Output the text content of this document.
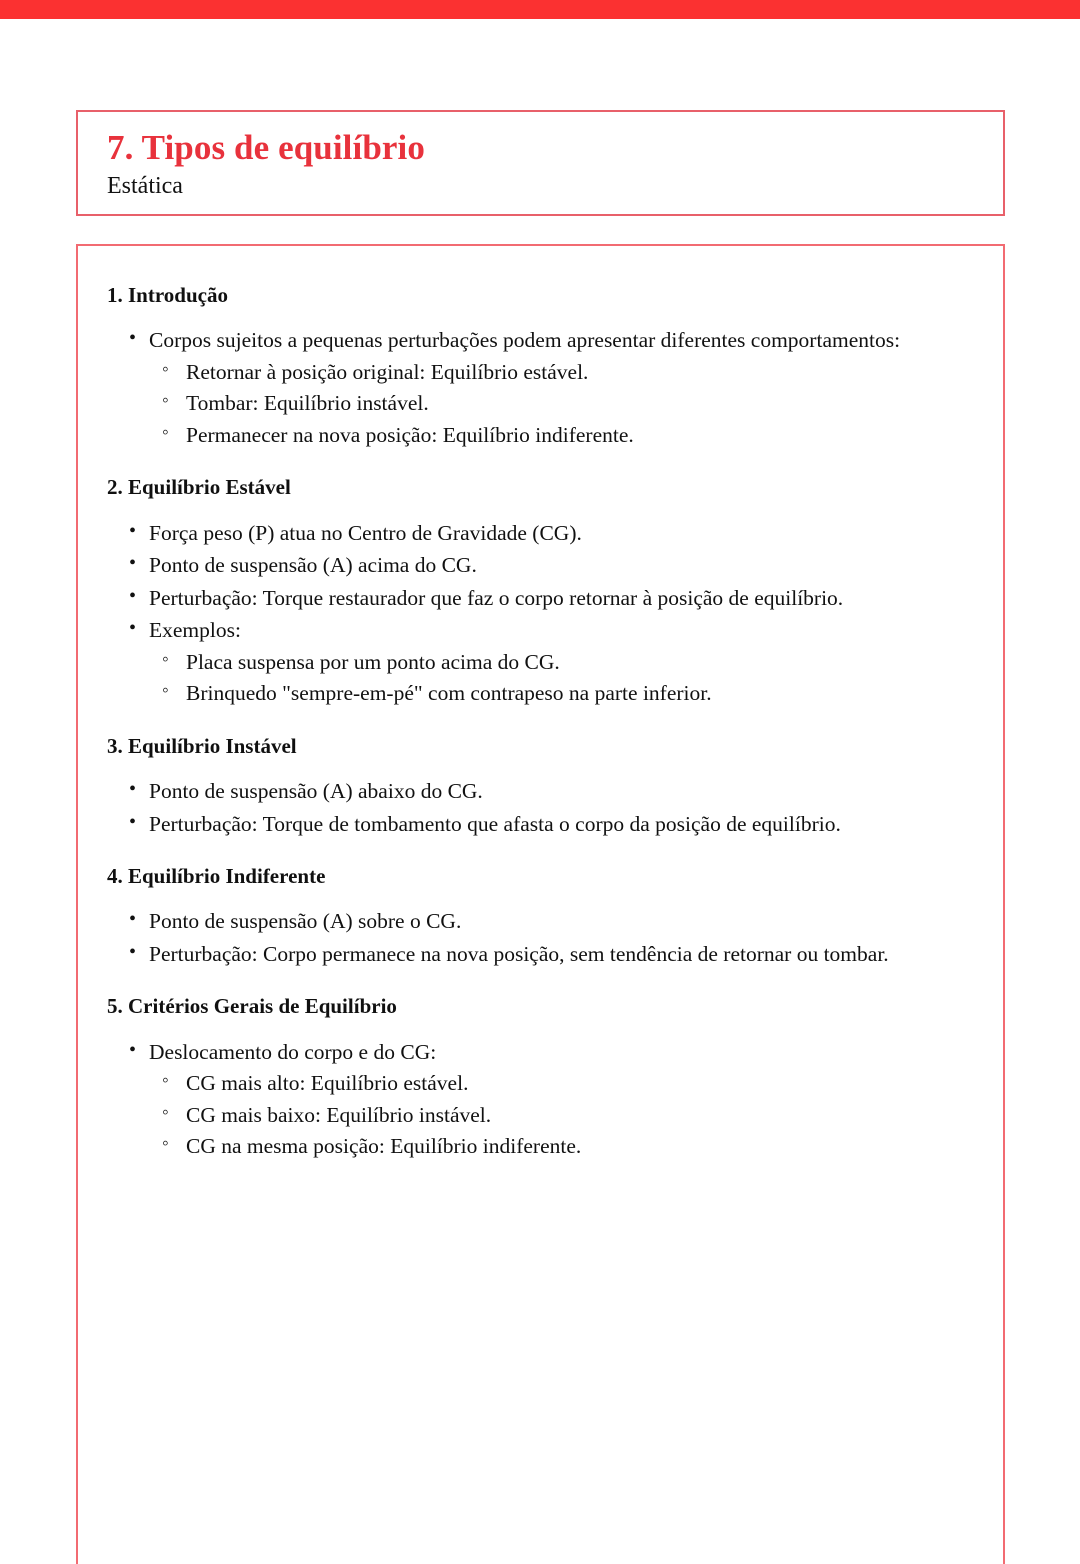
7. Tipos de equilíbrio
Estática
1. Introdução
• Corpos sujeitos a pequenas perturbações podem apresentar diferentes comportamentos:
◦ Retornar à posição original: Equilíbrio estável.
◦ Tombar: Equilíbrio instável.
◦ Permanecer na nova posição: Equilíbrio indiferente.
2. Equilíbrio Estável
• Força peso (P) atua no Centro de Gravidade (CG).
• Ponto de suspensão (A) acima do CG.
• Perturbação: Torque restaurador que faz o corpo retornar à posição de equilíbrio.
• Exemplos:
◦ Placa suspensa por um ponto acima do CG.
◦ Brinquedo "sempre-em-pé" com contrapeso na parte inferior.
3. Equilíbrio Instável
• Ponto de suspensão (A) abaixo do CG.
• Perturbação: Torque de tombamento que afasta o corpo da posição de equilíbrio.
4. Equilíbrio Indiferente
• Ponto de suspensão (A) sobre o CG.
• Perturbação: Corpo permanece na nova posição, sem tendência de retornar ou tombar.
5. Critérios Gerais de Equilíbrio
• Deslocamento do corpo e do CG:
◦ CG mais alto: Equilíbrio estável.
◦ CG mais baixo: Equilíbrio instável.
◦ CG na mesma posição: Equilíbrio indiferente.
